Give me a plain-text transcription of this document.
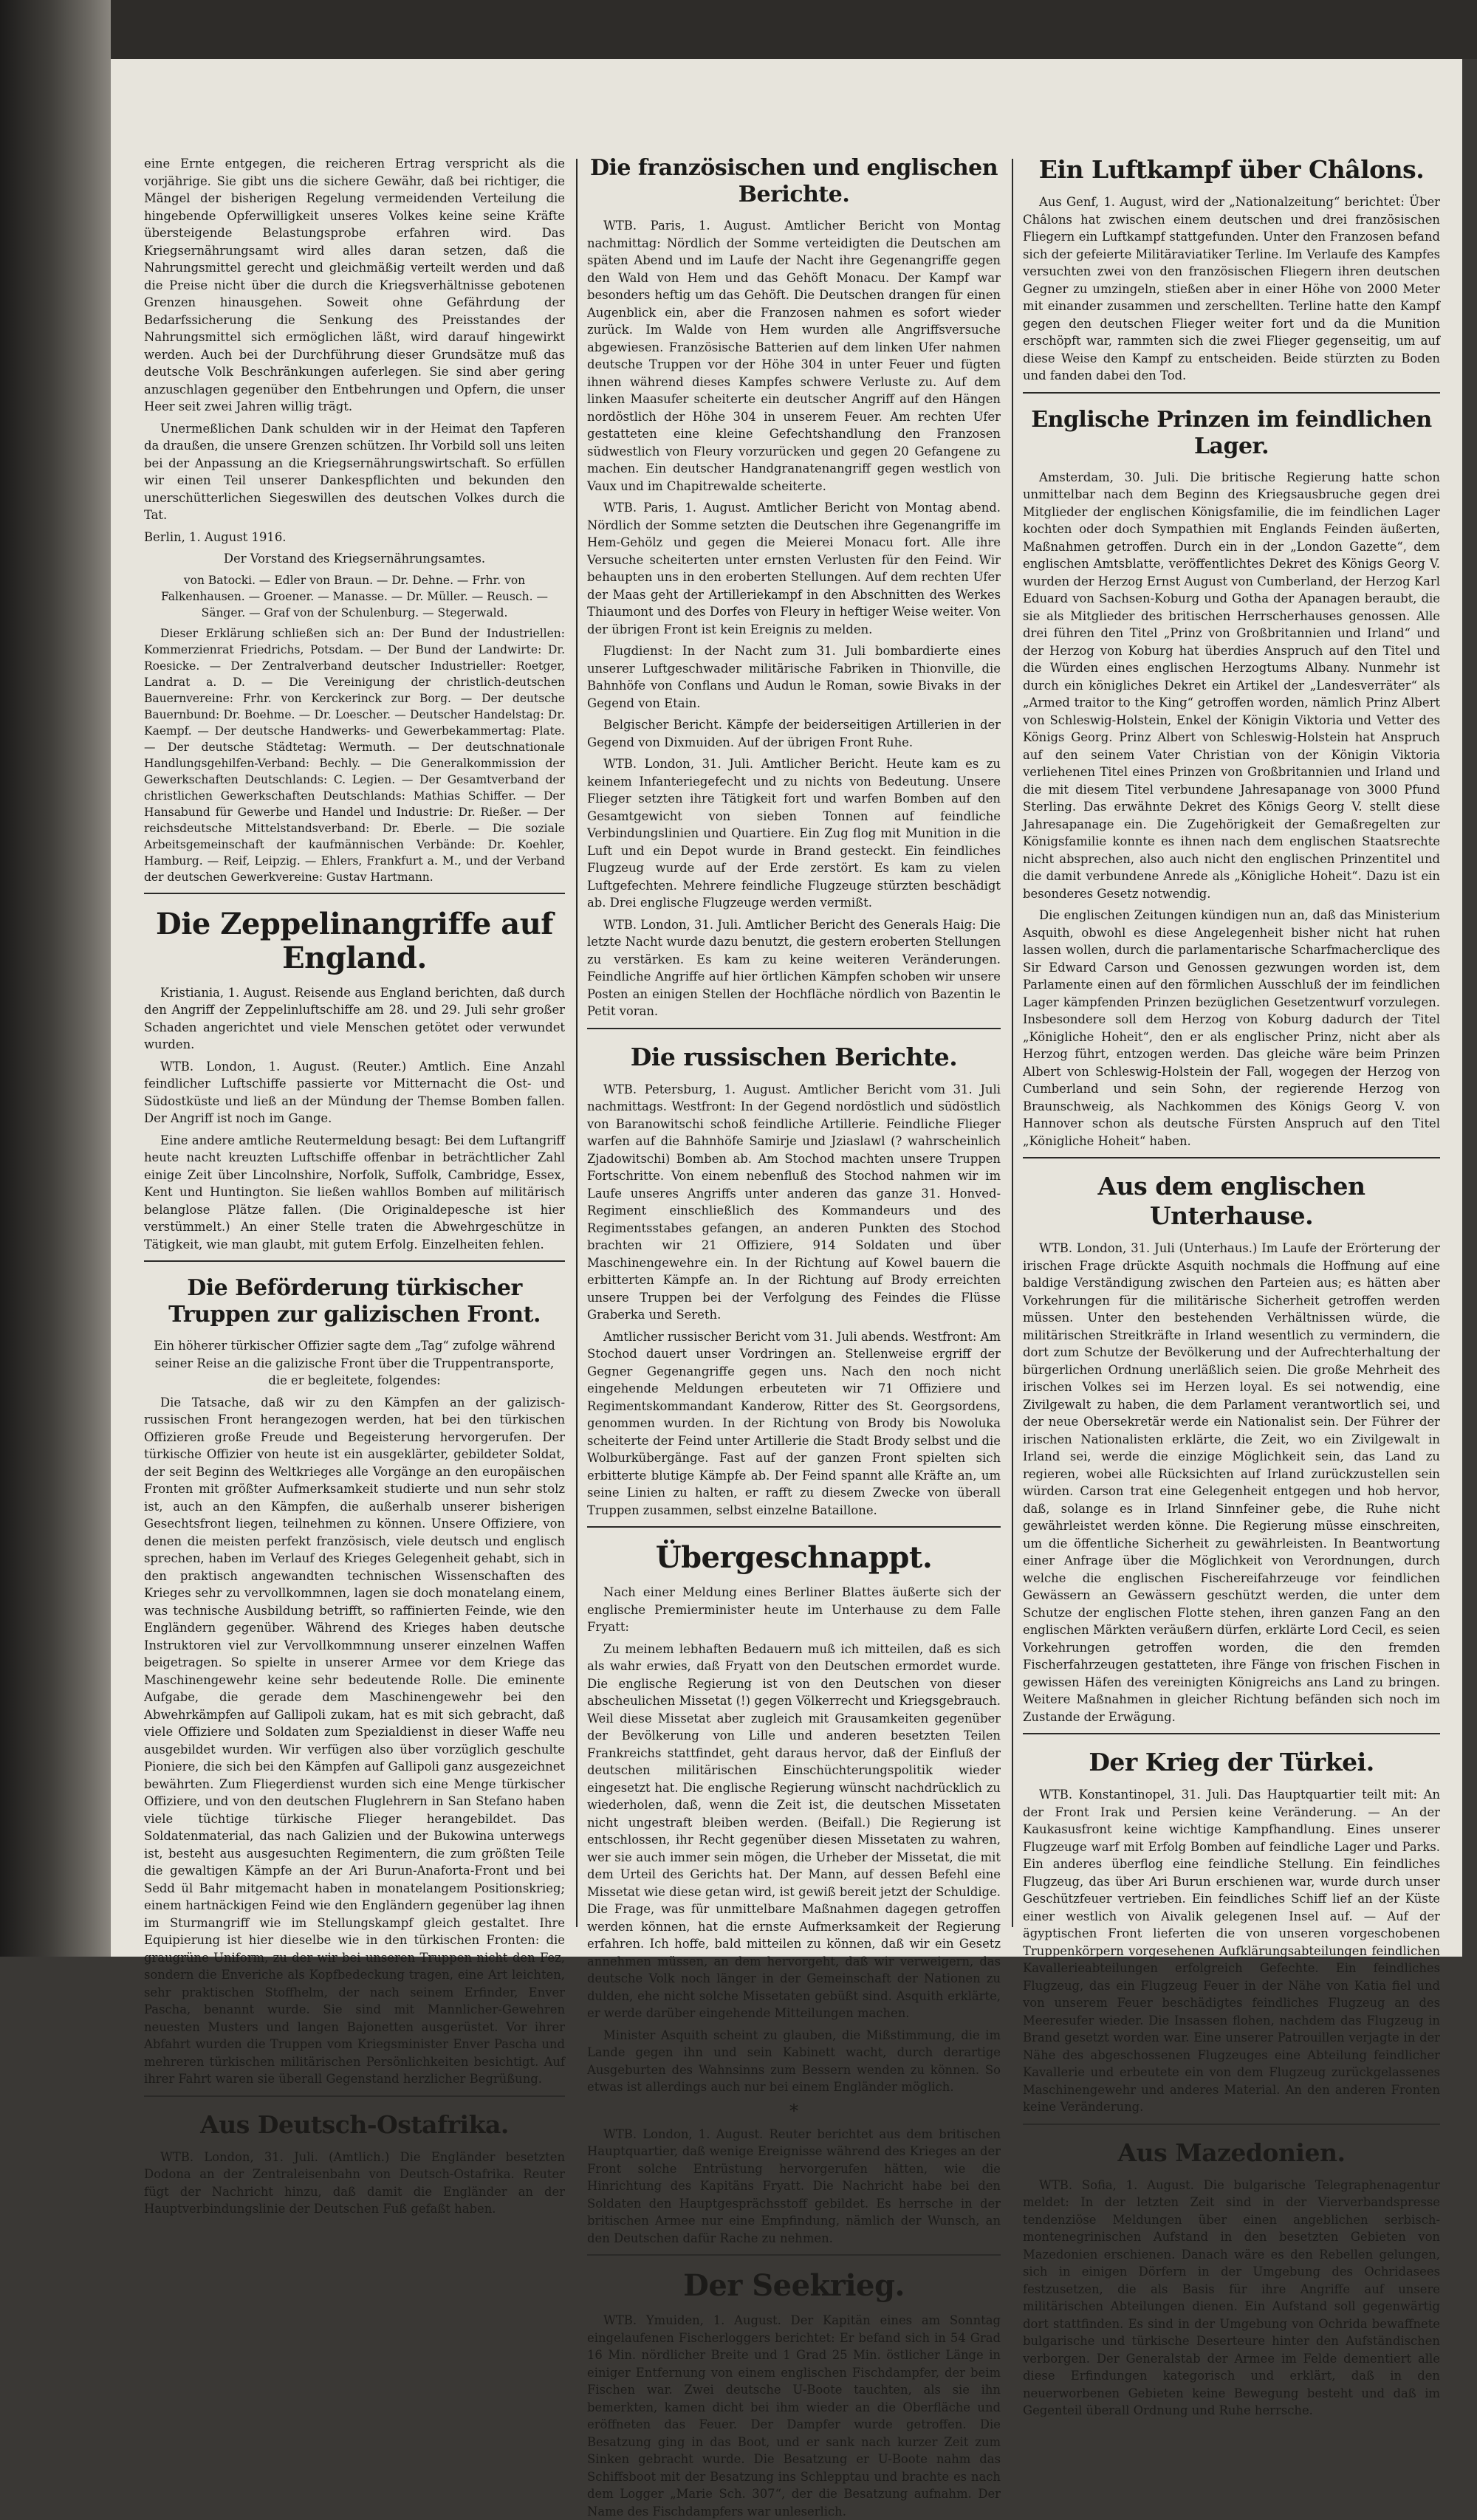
eine Ernte entgegen, die reicheren Ertrag verspricht als die vorjährige. Sie gibt uns die sichere Gewähr, daß bei richtiger, die Mängel der bisherigen Regelung vermeidenden Verteilung die hingebende Opferwilligkeit unseres Volkes keine seine Kräfte übersteigende Belastungsprobe erfahren wird. Das Kriegsernährungsamt wird alles daran setzen, daß die Nahrungsmittel gerecht und gleichmäßig verteilt werden und daß die Preise nicht über die durch die Kriegsverhältnisse gebotenen Grenzen hinausgehen. Soweit ohne Gefährdung der Bedarfssicherung die Senkung des Preisstandes der Nahrungsmittel sich ermöglichen läßt, wird darauf hingewirkt werden. Auch bei der Durchführung dieser Grundsätze muß das deutsche Volk Beschränkungen auferlegen. Sie sind aber gering anzuschlagen gegenüber den Entbehrungen und Opfern, die unser Heer seit zwei Jahren willig trägt.

Unermeßlichen Dank schulden wir in der Heimat den Tapferen da draußen, die unsere Grenzen schützen. Ihr Vorbild soll uns leiten bei der Anpassung an die Kriegsernährungswirtschaft. So erfüllen wir einen Teil unserer Dankespflichten und bekunden den unerschütterlichen Siegeswillen des deutschen Volkes durch die Tat.

Berlin, 1. August 1916.

Der Vorstand des Kriegsernährungsamtes.

von Batocki. — Edler von Braun. — Dr. Dehne. — Frhr. von Falkenhausen. — Groener. — Manasse. — Dr. Müller. — Reusch. — Sänger. — Graf von der Schulenburg. — Stegerwald.

Dieser Erklärung schließen sich an: Der Bund der Industriellen: Kommerzienrat Friedrichs, Potsdam. — Der Bund der Landwirte: Dr. Roesicke. — Der Zentralverband deutscher Industrieller: Roetger, Landrat a. D. — Die Vereinigung der christlich-deutschen Bauernvereine: Frhr. von Kerckerinck zur Borg. — Der deutsche Bauernbund: Dr. Boehme. — Dr. Loescher. — Deutscher Handelstag: Dr. Kaempf. — Der deutsche Handwerks- und Gewerbekammertag: Plate. — Der deutsche Städtetag: Wermuth. — Der deutschnationale Handlungsgehilfen-Verband: Bechly. — Die Generalkommission der Gewerkschaften Deutschlands: C. Legien. — Der Gesamtverband der christlichen Gewerkschaften Deutschlands: Mathias Schiffer. — Der Hansabund für Gewerbe und Handel und Industrie: Dr. Rießer. — Der reichsdeutsche Mittelstandsverband: Dr. Eberle. — Die soziale Arbeitsgemeinschaft der kaufmännischen Verbände: Dr. Koehler, Hamburg. — Reif, Leipzig. — Ehlers, Frankfurt a. M., und der Verband der deutschen Gewerkvereine: Gustav Hartmann.

Die Zeppelinangriffe auf England.

Kristiania, 1. August. Reisende aus England berichten, daß durch den Angriff der Zeppelinluftschiffe am 28. und 29. Juli sehr großer Schaden angerichtet und viele Menschen getötet oder verwundet wurden.

WTB. London, 1. August. (Reuter.) Amtlich. Eine Anzahl feindlicher Luftschiffe passierte vor Mitternacht die Ost- und Südostküste und ließ an der Mündung der Themse Bomben fallen. Der Angriff ist noch im Gange.

Eine andere amtliche Reutermeldung besagt: Bei dem Luftangriff heute nacht kreuzten Luftschiffe offenbar in beträchtlicher Zahl einige Zeit über Lincolnshire, Norfolk, Suffolk, Cambridge, Essex, Kent und Huntington. Sie ließen wahllos Bomben auf militärisch belanglose Plätze fallen. (Die Originaldepesche ist hier verstümmelt.) An einer Stelle traten die Abwehrgeschütze in Tätigkeit, wie man glaubt, mit gutem Erfolg. Einzelheiten fehlen.

Die Beförderung türkischer Truppen zur galizischen Front.

Ein höherer türkischer Offizier sagte dem „Tag“ zufolge während seiner Reise an die galizische Front über die Truppentransporte, die er begleitete, folgendes:

Die Tatsache, daß wir zu den Kämpfen an der galizisch-russischen Front herangezogen werden, hat bei den türkischen Offizieren große Freude und Begeisterung hervorgerufen. Der türkische Offizier von heute ist ein ausgeklärter, gebildeter Soldat, der seit Beginn des Weltkrieges alle Vorgänge an den europäischen Fronten mit größter Aufmerksamkeit studierte und nun sehr stolz ist, auch an den Kämpfen, die außerhalb unserer bisherigen Gesechtsfront liegen, teilnehmen zu können. Unsere Offiziere, von denen die meisten perfekt französisch, viele deutsch und englisch sprechen, haben im Verlauf des Krieges Gelegenheit gehabt, sich in den praktisch angewandten technischen Wissenschaften des Krieges sehr zu vervollkommnen, lagen sie doch monatelang einem, was technische Ausbildung betrifft, so raffinierten Feinde, wie den Engländern gegenüber. Während des Krieges haben deutsche Instruktoren viel zur Vervollkommnung unserer einzelnen Waffen beigetragen. So spielte in unserer Armee vor dem Kriege das Maschinengewehr keine sehr bedeutende Rolle. Die eminente Aufgabe, die gerade dem Maschinengewehr bei den Abwehrkämpfen auf Gallipoli zukam, hat es mit sich gebracht, daß viele Offiziere und Soldaten zum Spezialdienst in dieser Waffe neu ausgebildet wurden. Wir verfügen also über vorzüglich geschulte Pioniere, die sich bei den Kämpfen auf Gallipoli ganz ausgezeichnet bewährten. Zum Fliegerdienst wurden sich eine Menge türkischer Offiziere, und von den deutschen Fluglehrern in San Stefano haben viele tüchtige türkische Flieger herangebildet. Das Soldatenmaterial, das nach Galizien und der Bukowina unterwegs ist, besteht aus ausgesuchten Regimentern, die zum größten Teile die gewaltigen Kämpfe an der Ari Burun-Anaforta-Front und bei Sedd ül Bahr mitgemacht haben in monatelangem Positionskrieg; einem hartnäckigen Feind wie den Engländern gegenüber lag ihnen im Sturmangriff wie im Stellungskampf gleich gestaltet. Ihre Equipierung ist hier dieselbe wie in den türkischen Fronten: die graugrüne Uniform, zu der wir bei unseren Truppen nicht den Fez, sondern die Enveriche als Kopfbedeckung tragen, eine Art leichten, sehr praktischen Stoffhelm, der nach seinem Erfinder, Enver Pascha, benannt wurde. Sie sind mit Mannlicher-Gewehren neuesten Musters und langen Bajonetten ausgerüstet. Vor ihrer Abfahrt wurden die Truppen vom Kriegsminister Enver Pascha und mehreren türkischen militärischen Persönlichkeiten besichtigt. Auf ihrer Fahrt waren sie überall Gegenstand herzlicher Begrüßung.

Aus Deutsch-Ostafrika.

WTB. London, 31. Juli. (Amtlich.) Die Engländer besetzten Dodona an der Zentraleisenbahn von Deutsch-Ostafrika. Reuter fügt der Nachricht hinzu, daß damit die Engländer an der Hauptverbindungslinie der Deutschen Fuß gefaßt haben.

Die französischen und englischen Berichte.

WTB. Paris, 1. August. Amtlicher Bericht von Montag nachmittag: Nördlich der Somme verteidigten die Deutschen am späten Abend und im Laufe der Nacht ihre Gegenangriffe gegen den Wald von Hem und das Gehöft Monacu. Der Kampf war besonders heftig um das Gehöft. Die Deutschen drangen für einen Augenblick ein, aber die Franzosen nahmen es sofort wieder zurück. Im Walde von Hem wurden alle Angriffsversuche abgewiesen. Französische Batterien auf dem linken Ufer nahmen deutsche Truppen vor der Höhe 304 in unter Feuer und fügten ihnen während dieses Kampfes schwere Verluste zu. Auf dem linken Maasufer scheiterte ein deutscher Angriff auf den Hängen nordöstlich der Höhe 304 in unserem Feuer. Am rechten Ufer gestatteten eine kleine Gefechtshandlung den Franzosen südwestlich von Fleury vorzurücken und gegen 20 Gefangene zu machen. Ein deutscher Handgranatenangriff gegen westlich von Vaux und im Chapitrewalde scheiterte.

WTB. Paris, 1. August. Amtlicher Bericht von Montag abend. Nördlich der Somme setzten die Deutschen ihre Gegenangriffe im Hem-Gehölz und gegen die Meierei Monacu fort. Alle ihre Versuche scheiterten unter ernsten Verlusten für den Feind. Wir behaupten uns in den eroberten Stellungen. Auf dem rechten Ufer der Maas geht der Artilleriekampf in den Abschnitten des Werkes Thiaumont und des Dorfes von Fleury in heftiger Weise weiter. Von der übrigen Front ist kein Ereignis zu melden.

Flugdienst: In der Nacht zum 31. Juli bombardierte eines unserer Luftgeschwader militärische Fabriken in Thionville, die Bahnhöfe von Conflans und Audun le Roman, sowie Bivaks in der Gegend von Etain.

Belgischer Bericht. Kämpfe der beiderseitigen Artillerien in der Gegend von Dixmuiden. Auf der übrigen Front Ruhe.

WTB. London, 31. Juli. Amtlicher Bericht. Heute kam es zu keinem Infanteriegefecht und zu nichts von Bedeutung. Unsere Flieger setzten ihre Tätigkeit fort und warfen Bomben auf den Gesamtgewicht von sieben Tonnen auf feindliche Verbindungslinien und Quartiere. Ein Zug flog mit Munition in die Luft und ein Depot wurde in Brand gesteckt. Ein feindliches Flugzeug wurde auf der Erde zerstört. Es kam zu vielen Luftgefechten. Mehrere feindliche Flugzeuge stürzten beschädigt ab. Drei englische Flugzeuge werden vermißt.

WTB. London, 31. Juli. Amtlicher Bericht des Generals Haig: Die letzte Nacht wurde dazu benutzt, die gestern eroberten Stellungen zu verstärken. Es kam zu keine weiteren Veränderungen. Feindliche Angriffe auf hier örtlichen Kämpfen schoben wir unsere Posten an einigen Stellen der Hochfläche nördlich von Bazentin le Petit voran.

Die russischen Berichte.

WTB. Petersburg, 1. August. Amtlicher Bericht vom 31. Juli nachmittags. Westfront: In der Gegend nordöstlich und südöstlich von Baranowitschi schoß feindliche Artillerie. Feindliche Flieger warfen auf die Bahnhöfe Samirje und Jziaslawl (? wahrscheinlich Zjadowitschi) Bomben ab. Am Stochod machten unsere Truppen Fortschritte. Von einem nebenfluß des Stochod nahmen wir im Laufe unseres Angriffs unter anderen das ganze 31. Honved-Regiment einschließlich des Kommandeurs und des Regimentsstabes gefangen, an anderen Punkten des Stochod brachten wir 21 Offiziere, 914 Soldaten und über Maschinengewehre ein. In der Richtung auf Kowel bauern die erbitterten Kämpfe an. In der Richtung auf Brody erreichten unsere Truppen bei der Verfolgung des Feindes die Flüsse Graberka und Sereth.

Amtlicher russischer Bericht vom 31. Juli abends. Westfront: Am Stochod dauert unser Vordringen an. Stellenweise ergriff der Gegner Gegenangriffe gegen uns. Nach den noch nicht eingehende Meldungen erbeuteten wir 71 Offiziere und Regimentskommandant Kanderow, Ritter des St. Georgsordens, genommen wurden. In der Richtung von Brody bis Nowoluka scheiterte der Feind unter Artillerie die Stadt Brody selbst und die Wolburkübergänge. Fast auf der ganzen Front spielten sich erbitterte blutige Kämpfe ab. Der Feind spannt alle Kräfte an, um seine Linien zu halten, er rafft zu diesem Zwecke von überall Truppen zusammen, selbst einzelne Bataillone.

Übergeschnappt.

Nach einer Meldung eines Berliner Blattes äußerte sich der englische Premierminister heute im Unterhause zu dem Falle Fryatt:

Zu meinem lebhaften Bedauern muß ich mitteilen, daß es sich als wahr erwies, daß Fryatt von den Deutschen ermordet wurde. Die englische Regierung ist von den Deutschen von dieser abscheulichen Missetat (!) gegen Völkerrecht und Kriegsgebrauch. Weil diese Missetat aber zugleich mit Grausamkeiten gegenüber der Bevölkerung von Lille und anderen besetzten Teilen Frankreichs stattfindet, geht daraus hervor, daß der Einfluß der deutschen militärischen Einschüchterungspolitik wieder eingesetzt hat. Die englische Regierung wünscht nachdrücklich zu wiederholen, daß, wenn die Zeit ist, die deutschen Missetaten nicht ungestraft bleiben werden. (Beifall.) Die Regierung ist entschlossen, ihr Recht gegenüber diesen Missetaten zu wahren, wer sie auch immer sein mögen, die Urheber der Missetat, die mit dem Urteil des Gerichts hat. Der Mann, auf dessen Befehl eine Missetat wie diese getan wird, ist gewiß bereit jetzt der Schuldige. Die Frage, was für unmittelbare Maßnahmen dagegen getroffen werden können, hat die ernste Aufmerksamkeit der Regierung erfahren. Ich hoffe, bald mitteilen zu können, daß wir ein Gesetz annehmen müssen, an dem hervorgeht, daß wir verweigern, das deutsche Volk noch länger in der Gemeinschaft der Nationen zu dulden, ehe nicht solche Missetaten gebüßt sind. Asquith erklärte, er werde darüber eingehende Mitteilungen machen.

Minister Asquith scheint zu glauben, die Mißstimmung, die im Lande gegen ihn und sein Kabinett wacht, durch derartige Ausgeburten des Wahnsinns zum Bessern wenden zu können. So etwas ist allerdings auch nur bei einem Engländer möglich.

*

WTB. London, 1. August. Reuter berichtet aus dem britischen Hauptquartier, daß wenige Ereignisse während des Krieges an der Front solche Entrüstung hervorgerufen hätten, wie die Hinrichtung des Kapitäns Fryatt. Die Nachricht habe bei den Soldaten den Hauptgesprächsstoff gebildet. Es herrsche in der britischen Armee nur eine Empfindung, nämlich der Wunsch, an den Deutschen dafür Rache zu nehmen.

Der Seekrieg.

WTB. Ymuiden, 1. August. Der Kapitän eines am Sonntag eingelaufenen Fischerloggers berichtet: Er befand sich in 54 Grad 16 Min. nördlicher Breite und 1 Grad 25 Min. östlicher Länge in einiger Entfernung von einem englischen Fischdampfer, der beim Fischen war. Zwei deutsche U-Boote tauchten, als sie ihn bemerkten, kamen dicht bei ihm wieder an die Oberfläche und eröffneten das Feuer. Der Dampfer wurde getroffen. Die Besatzung ging in das Boot, und er sank nach kurzer Zeit zum Sinken gebracht wurde. Die Besatzung er U-Boote nahm das Schiffsboot mit der Besatzung ins Schlepptau und brachte es nach dem Logger „Marie Sch. 307“, der die Besatzung aufnahm. Der Name des Fischdampfers war unleserlich.

Ein Luftkampf über Châlons.

Aus Genf, 1. August, wird der „Nationalzeitung“ berichtet: Über Châlons hat zwischen einem deutschen und drei französischen Fliegern ein Luftkampf stattgefunden. Unter den Franzosen befand sich der gefeierte Militäraviatiker Terline. Im Verlaufe des Kampfes versuchten zwei von den französischen Fliegern ihren deutschen Gegner zu umzingeln, stießen aber in einer Höhe von 2000 Meter mit einander zusammen und zerschellten. Terline hatte den Kampf gegen den deutschen Flieger weiter fort und da die Munition erschöpft war, rammten sich die zwei Flieger gegenseitig, um auf diese Weise den Kampf zu entscheiden. Beide stürzten zu Boden und fanden dabei den Tod.

Englische Prinzen im feindlichen Lager.

Amsterdam, 30. Juli. Die britische Regierung hatte schon unmittelbar nach dem Beginn des Kriegsausbruche gegen drei Mitglieder der englischen Königsfamilie, die im feindlichen Lager kochten oder doch Sympathien mit Englands Feinden äußerten, Maßnahmen getroffen. Durch ein in der „London Gazette“, dem englischen Amtsblatte, veröffentlichtes Dekret des Königs Georg V. wurden der Herzog Ernst August von Cumberland, der Herzog Karl Eduard von Sachsen-Koburg und Gotha der Apanagen beraubt, die sie als Mitglieder des britischen Herrscherhauses genossen. Alle drei führen den Titel „Prinz von Großbritannien und Irland“ und der Herzog von Koburg hat überdies Anspruch auf den Titel und die Würden eines englischen Herzogtums Albany. Nunmehr ist durch ein königliches Dekret ein Artikel der „Landesverräter“ als „Armed traitor to the King“ getroffen worden, nämlich Prinz Albert von Schleswig-Holstein, Enkel der Königin Viktoria und Vetter des Königs Georg. Prinz Albert von Schleswig-Holstein hat Anspruch auf den seinem Vater Christian von der Königin Viktoria verliehenen Titel eines Prinzen von Großbritannien und Irland und die mit diesem Titel verbundene Jahresapanage von 3000 Pfund Sterling. Das erwähnte Dekret des Königs Georg V. stellt diese Jahresapanage ein. Die Zugehörigkeit der Gemaßregelten zur Königsfamilie konnte es ihnen nach dem englischen Staatsrechte nicht absprechen, also auch nicht den englischen Prinzentitel und die damit verbundene Anrede als „Königliche Hoheit“. Dazu ist ein besonderes Gesetz notwendig.

Die englischen Zeitungen kündigen nun an, daß das Ministerium Asquith, obwohl es diese Angelegenheit bisher nicht hat ruhen lassen wollen, durch die parlamentarische Scharfmacherclique des Sir Edward Carson und Genossen gezwungen worden ist, dem Parlamente einen auf den förmlichen Ausschluß der im feindlichen Lager kämpfenden Prinzen bezüglichen Gesetzentwurf vorzulegen. Insbesondere soll dem Herzog von Koburg dadurch der Titel „Königliche Hoheit“, den er als englischer Prinz, nicht aber als Herzog führt, entzogen werden. Das gleiche wäre beim Prinzen Albert von Schleswig-Holstein der Fall, wogegen der Herzog von Cumberland und sein Sohn, der regierende Herzog von Braunschweig, als Nachkommen des Königs Georg V. von Hannover schon als deutsche Fürsten Anspruch auf den Titel „Königliche Hoheit“ haben.

Aus dem englischen Unterhause.

WTB. London, 31. Juli (Unterhaus.) Im Laufe der Erörterung der irischen Frage drückte Asquith nochmals die Hoffnung auf eine baldige Verständigung zwischen den Parteien aus; es hätten aber Vorkehrungen für die militärische Sicherheit getroffen werden müssen. Unter den bestehenden Verhältnissen würde, die militärischen Streitkräfte in Irland wesentlich zu vermindern, die dort zum Schutze der Bevölkerung und der Aufrechterhaltung der bürgerlichen Ordnung unerläßlich seien. Die große Mehrheit des irischen Volkes sei im Herzen loyal. Es sei notwendig, eine Zivilgewalt zu haben, die dem Parlament verantwortlich sei, und der neue Obersekretär werde ein Nationalist sein. Der Führer der irischen Nationalisten erklärte, die Zeit, wo ein Zivilgewalt in Irland sei, werde die einzige Möglichkeit sein, das Land zu regieren, wobei alle Rücksichten auf Irland zurückzustellen sein würden. Carson trat eine Gelegenheit entgegen und hob hervor, daß, solange es in Irland Sinnfeiner gebe, die Ruhe nicht gewährleistet werden könne. Die Regierung müsse einschreiten, um die öffentliche Sicherheit zu gewährleisten. In Beantwortung einer Anfrage über die Möglichkeit von Verordnungen, durch welche die englischen Fischereifahrzeuge vor feindlichen Gewässern an Gewässern geschützt werden, die unter dem Schutze der englischen Flotte stehen, ihren ganzen Fang an den englischen Märkten veräußern dürfen, erklärte Lord Cecil, es seien Vorkehrungen getroffen worden, die den fremden Fischerfahrzeugen gestatteten, ihre Fänge von frischen Fischen in gewissen Häfen des vereinigten Königreichs ans Land zu bringen. Weitere Maßnahmen in gleicher Richtung befänden sich noch im Zustande der Erwägung.

Der Krieg der Türkei.

WTB. Konstantinopel, 31. Juli. Das Hauptquartier teilt mit: An der Front Irak und Persien keine Veränderung. — An der Kaukasusfront keine wichtige Kampfhandlung. Eines unserer Flugzeuge warf mit Erfolg Bomben auf feindliche Lager und Parks. Ein anderes überflog eine feindliche Stellung. Ein feindliches Flugzeug, das über Ari Burun erschienen war, wurde durch unser Geschützfeuer vertrieben. Ein feindliches Schiff lief an der Küste einer westlich von Aivalik gelegenen Insel auf. — Auf der ägyptischen Front lieferten die von unseren vorgeschobenen Truppenkörpern vorgesehenen Aufklärungsabteilungen feindlichen Kavallerieabteilungen erfolgreich Gefechte. Ein feindliches Flugzeug, das ein Flugzeug Feuer in der Nähe von Katia fiel und von unserem Feuer beschädigtes feindliches Flugzeug an des Meeresufer wieder. Die Insassen flohen, nachdem das Flugzeug in Brand gesetzt worden war. Eine unserer Patrouillen verjagte in der Nähe des abgeschossenen Flugzeuges eine Abteilung feindlicher Kavallerie und erbeutete ein von dem Flugzeug zurückgelassenes Maschinengewehr und anderes Material. An den anderen Fronten keine Veränderung.

Aus Mazedonien.

WTB. Sofia, 1. August. Die bulgarische Telegraphenagentur meldet: In der letzten Zeit sind in der Vierverbandspresse tendenziöse Meldungen über einen angeblichen serbisch-montenegrinischen Aufstand in den besetzten Gebieten von Mazedonien erschienen. Danach wäre es den Rebellen gelungen, sich in einigen Dörfern in der Umgebung des Ochridasees festzusetzen, die als Basis für ihre Angriffe auf unsere militärischen Abteilungen dienen. Ein Aufstand soll gegenwärtig dort stattfinden. Es sind in der Umgebung von Ochrida bewaffnete bulgarische und türkische Deserteure hinter den Aufständischen verborgen. Der Generalstab der Armee im Felde dementiert alle diese Erfindungen kategorisch und erklärt, daß in den neuerworbenen Gebieten keine Bewegung besteht und daß im Gegenteil überall Ordnung und Ruhe herrsche.
